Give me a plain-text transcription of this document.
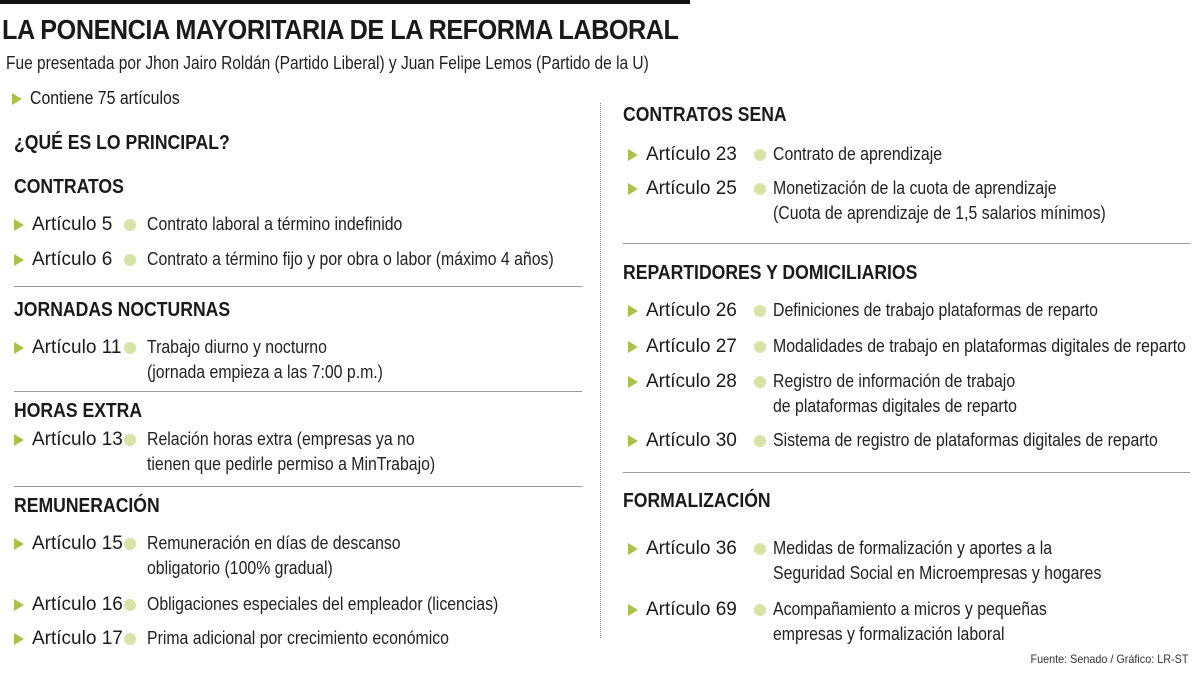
LA PONENCIA MAYORITARIA DE LA REFORMA LABORAL
Fue presentada por Jhon Jairo Roldán (Partido Liberal) y Juan Felipe Lemos (Partido de la U)
Contiene 75 artículos
¿QUÉ ES LO PRINCIPAL?
CONTRATOS
Artículo 5 Contrato laboral a término indefinido
Artículo 6 Contrato a término fijo y por obra o labor (máximo 4 años)
JORNADAS NOCTURNAS
Artículo 11 Trabajo diurno y nocturno
(jornada empieza a las 7:00 p.m.)
HORAS EXTRA
Artículo 13 Relación horas extra (empresas ya no
tienen que pedirle permiso a MinTrabajo)
REMUNERACIÓN
Artículo 15 Remuneración en días de descanso
obligatorio (100% gradual)
Artículo 16 Obligaciones especiales del empleador (licencias)
Artículo 17 Prima adicional por crecimiento económico
CONTRATOS SENA
Artículo 23 Contrato de aprendizaje
Artículo 25 Monetización de la cuota de aprendizaje
(Cuota de aprendizaje de 1,5 salarios mínimos)
REPARTIDORES Y DOMICILIARIOS
Artículo 26 Definiciones de trabajo plataformas de reparto
Artículo 27 Modalidades de trabajo en plataformas digitales de reparto
Artículo 28 Registro de información de trabajo
de plataformas digitales de reparto
Artículo 30 Sistema de registro de plataformas digitales de reparto
FORMALIZACIÓN
Artículo 36 Medidas de formalización y aportes a la
Seguridad Social en Microempresas y hogares
Artículo 69 Acompañamiento a micros y pequeñas
empresas y formalización laboral
Fuente: Senado / Gráfico: LR-ST
